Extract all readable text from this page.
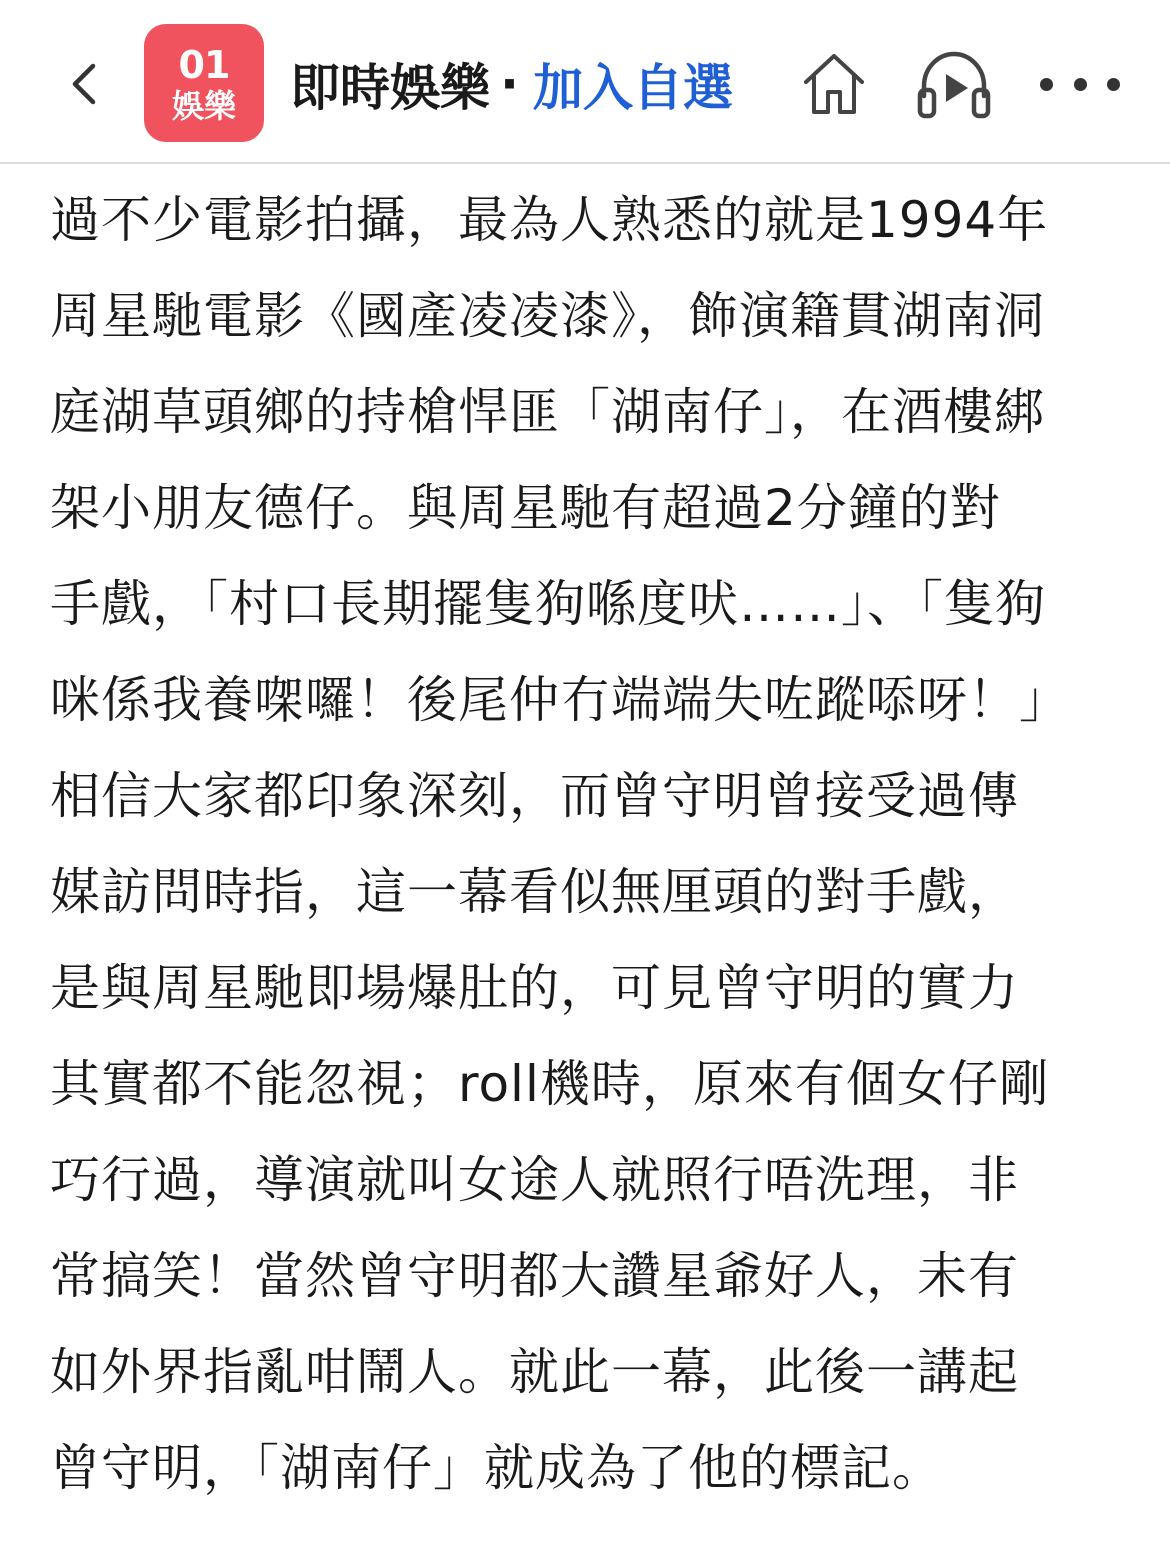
01
娛樂 即時娛樂 · 加入自選
過不少電影拍攝，最為人熟悉的就是1994年
周星馳電影《國產凌凌漆》，飾演籍貫湖南洞
庭湖草頭鄉的持槍悍匪「湖南仔」，在酒樓綁
架小朋友德仔。與周星馳有超過2分鐘的對
手戲，「村口長期擺隻狗喺度吠……」、「隻狗
咪係我養㗎囉！後尾仲冇端端失咗蹤㖭呀！」
相信大家都印象深刻，而曾守明曾接受過傳
媒訪問時指，這一幕看似無厘頭的對手戲，
是與周星馳即場爆肚的，可見曾守明的實力
其實都不能忽視；roll機時，原來有個女仔剛
巧行過，導演就叫女途人就照行唔洗理，非
常搞笑！當然曾守明都大讚星爺好人，未有
如外界指亂咁鬧人。就此一幕，此後一講起
曾守明，「湖南仔」就成為了他的標記。
